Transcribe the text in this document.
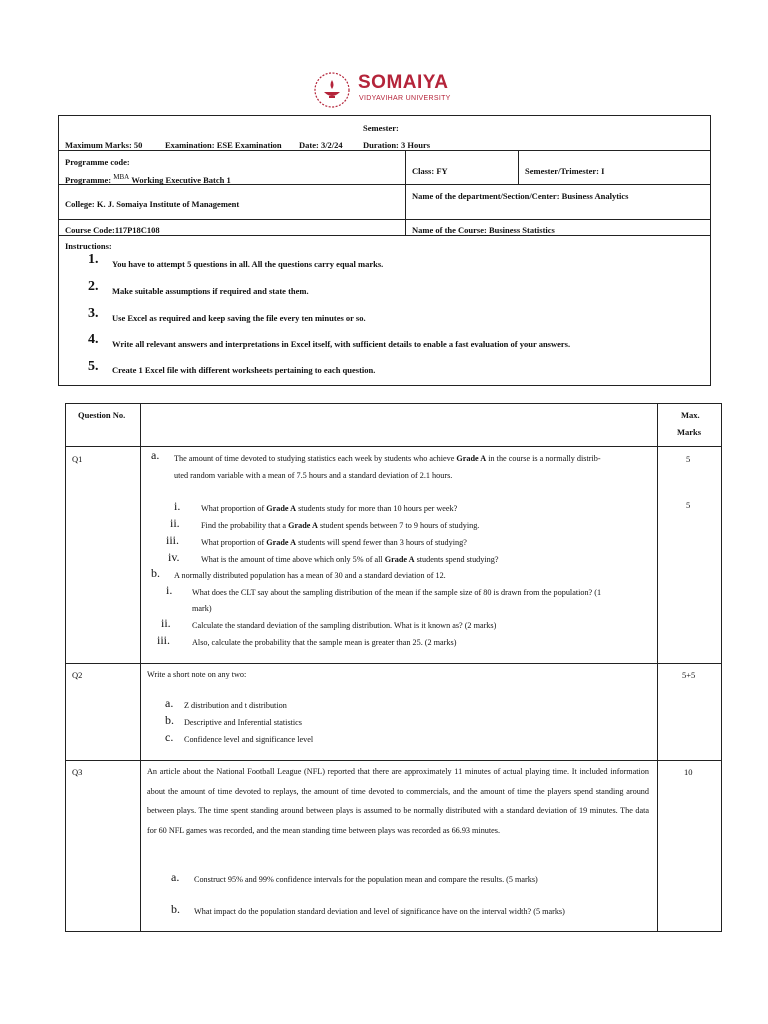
SOMAIYA
VIDYAVIHAR UNIVERSITY
Semester:
Maximum Marks: 50	Examination: ESE Examination Date: 3/2/24 Duration: 3 Hours
Programme code:
Programme: $^{MBA}$ Working Executive Batch 1
Class: FY	Semester/Trimester: I
College: K. J. Somaiya Institute of Management
Name of the department/Section/Center: Business Analytics
Course Code:117P18C108	Name of the Course: Business Statistics
Instructions:
1. You have to attempt 5 questions in all. All the questions carry equal marks.
2. Make suitable assumptions if required and state them.
3. Use Excel as required and keep saving the file every ten minutes or so.
4. Write all relevant answers and interpretations in Excel itself, with sufficient details to enable a fast evaluation of your answers.
5. Create 1 Excel file with different worksheets pertaining to each question.
Question No.	Max.
Marks
Q1	5
5
a. The amount of time devoted to studying statistics each week by students who achieve Grade A in the course is a normally distrib-
uted random variable with a mean of 7.5 hours and a standard deviation of 2.1 hours.
i.	What proportion of Grade A students study for more than 10 hours per week?
ii.	Find the probability that a Grade A student spends between 7 to 9 hours of studying.
iii.	What proportion of Grade A students will spend fewer than 3 hours of studying?
iv.	What is the amount of time above which only 5% of all Grade A students spend studying?
b. A normally distributed population has a mean of 30 and a standard deviation of 12.
i. What does the CLT say about the sampling distribution of the mean if the sample size of 80 is drawn from the population? (1
mark)
ii.	Calculate the standard deviation of the sampling distribution. What is it known as? (2 marks)
iii.	Also, calculate the probability that the sample mean is greater than 25. (2 marks)
Q2	5+5
Write a short note on any two:
a. Z distribution and t distribution
b. Descriptive and Inferential statistics
c. Confidence level and significance level
Q3	10
An article about the National Football League (NFL) reported that there are approximately 11 minutes of actual playing time. It included information about the amount of time devoted to replays, the amount of time devoted to commercials, and the amount of time the players spend standing around between plays. The time spent standing around between plays is assumed to be normally distributed with a standard deviation of 19 minutes. The data for 60 NFL games was recorded, and the mean standing time between plays was recorded as 66.93 minutes.
a. Construct 95% and 99% confidence intervals for the population mean and compare the results. (5 marks)
b. What impact do the population standard deviation and level of significance have on the interval width? (5 marks)
